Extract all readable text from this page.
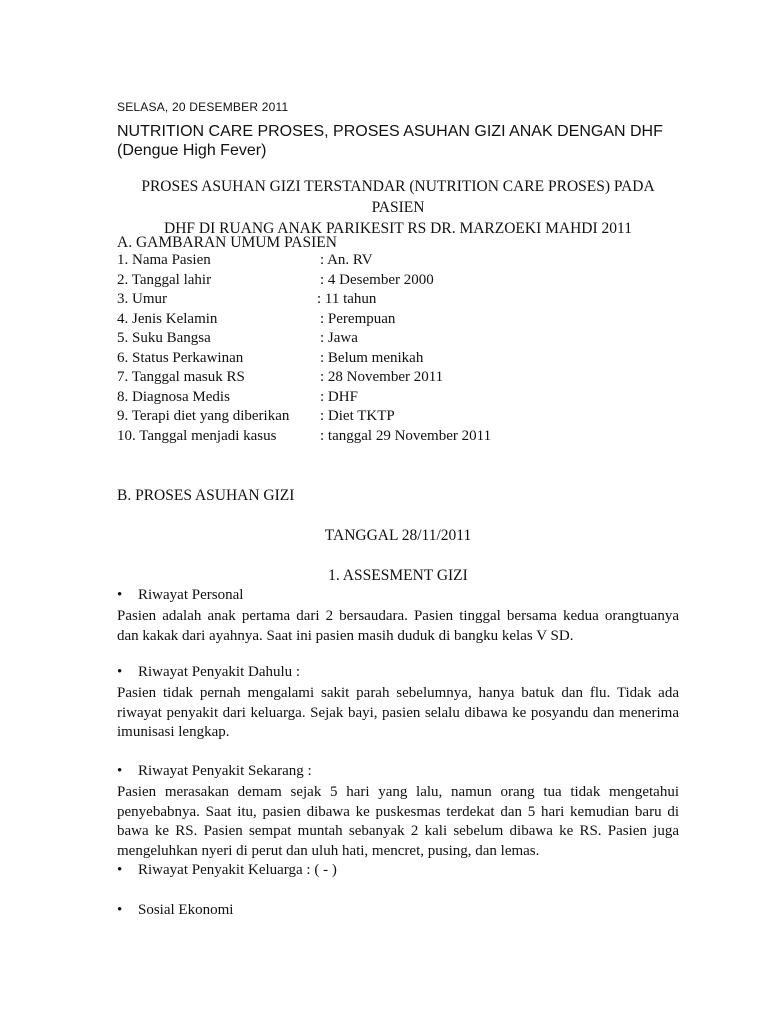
SELASA, 20 DESEMBER 2011
NUTRITION CARE PROSES, PROSES ASUHAN GIZI ANAK DENGAN DHF
(Dengue High Fever)
PROSES ASUHAN GIZI TERSTANDAR (NUTRITION CARE PROSES) PADA PASIEN
DHF DI RUANG ANAK PARIKESIT RS DR. MARZOEKI MAHDI 2011
A. GAMBARAN UMUM PASIEN
1. Nama Pasien	: An. RV
2. Tanggal lahir	: 4 Desember 2000
3. Umur	: 11 tahun
4. Jenis Kelamin	: Perempuan
5. Suku Bangsa	: Jawa
6. Status Perkawinan	: Belum menikah
7. Tanggal masuk RS	: 28 November 2011
8. Diagnosa Medis	: DHF
9. Terapi diet yang diberikan : Diet TKTP
10. Tanggal menjadi kasus	: tanggal 29 November 2011
B. PROSES ASUHAN GIZI
TANGGAL 28/11/2011
1. ASSESMENT GIZI
• Riwayat Personal
Pasien adalah anak pertama dari 2 bersaudara. Pasien tinggal bersama kedua orangtuanya
dan kakak dari ayahnya. Saat ini pasien masih duduk di bangku kelas V SD.
• Riwayat Penyakit Dahulu :
Pasien tidak pernah mengalami sakit parah sebelumnya, hanya batuk dan flu. Tidak ada
riwayat penyakit dari keluarga. Sejak bayi, pasien selalu dibawa ke posyandu dan menerima
imunisasi lengkap.
• Riwayat Penyakit Sekarang :
Pasien merasakan demam sejak 5 hari yang lalu, namun orang tua tidak mengetahui
penyebabnya. Saat itu, pasien dibawa ke puskesmas terdekat dan 5 hari kemudian baru di
bawa ke RS. Pasien sempat muntah sebanyak 2 kali sebelum dibawa ke RS. Pasien juga
mengeluhkan nyeri di perut dan uluh hati, mencret, pusing, dan lemas.
• Riwayat Penyakit Keluarga : ( - )
• Sosial Ekonomi
